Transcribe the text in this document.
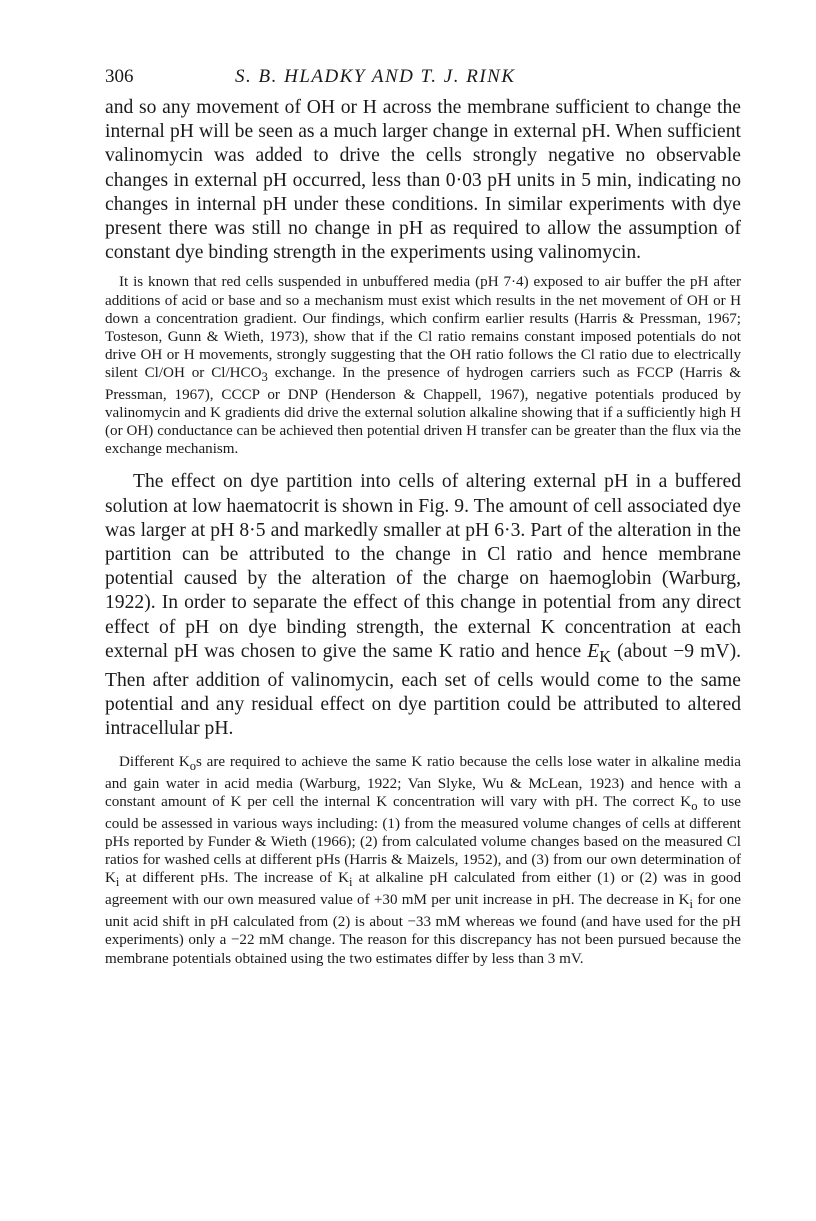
306	S. B. HLADKY AND T. J. RINK

and so any movement of OH or H across the membrane sufficient to change the internal pH will be seen as a much larger change in external pH. When sufficient valinomycin was added to drive the cells strongly negative no observable changes in external pH occurred, less than 0·03 pH units in 5 min, indicating no changes in internal pH under these conditions. In similar experiments with dye present there was still no change in pH as required to allow the assumption of constant dye binding strength in the experiments using valinomycin.

It is known that red cells suspended in unbuffered media (pH 7·4) exposed to air buffer the pH after additions of acid or base and so a mechanism must exist which results in the net movement of OH or H down a concentration gradient. Our findings, which confirm earlier results (Harris & Pressman, 1967; Tosteson, Gunn & Wieth, 1973), show that if the Cl ratio remains constant imposed potentials do not drive OH or H movements, strongly suggesting that the OH ratio follows the Cl ratio due to electrically silent Cl/OH or $Cl/HCO_3$ exchange. In the presence of hydrogen carriers such as FCCP (Harris & Pressman, 1967), CCCP or DNP (Henderson & Chappell, 1967), negative potentials produced by valinomycin and K gradients did drive the external solution alkaline showing that if a sufficiently high H (or OH) conductance can be achieved then potential driven H transfer can be greater than the flux via the exchange mechanism.

The effect on dye partition into cells of altering external pH in a buffered solution at low haematocrit is shown in Fig. 9. The amount of cell associated dye was larger at pH 8·5 and markedly smaller at pH 6·3. Part of the alteration in the partition can be attributed to the change in Cl ratio and hence membrane potential caused by the alteration of the charge on haemoglobin (Warburg, 1922). In order to separate the effect of this change in potential from any direct effect of pH on dye binding strength, the external K concentration at each external pH was chosen to give the same K ratio and hence $E_K$ (about −9 mV). Then after addition of valinomycin, each set of cells would come to the same potential and any residual effect on dye partition could be attributed to altered intracellular pH.

Different $K_os$ are required to achieve the same K ratio because the cells lose water in alkaline media and gain water in acid media (Warburg, 1922; Van Slyke, Wu & McLean, 1923) and hence with a constant amount of K per cell the internal K concentration will vary with pH. The correct $K_o$ to use could be assessed in various ways including: (1) from the measured volume changes of cells at different pHs reported by Funder & Wieth (1966); (2) from calculated volume changes based on the measured Cl ratios for washed cells at different pHs (Harris & Maizels, 1952), and (3) from our own determination of $K_i$ at different pHs. The increase of $K_i$ at alkaline pH calculated from either (1) or (2) was in good agreement with our own measured value of +30 mM per unit increase in pH. The decrease in $K_i$ for one unit acid shift in pH calculated from (2) is about −33 mM whereas we found (and have used for the pH experiments) only a −22 mM change. The reason for this discrepancy has not been pursued because the membrane potentials obtained using the two estimates differ by less than 3 mV.
